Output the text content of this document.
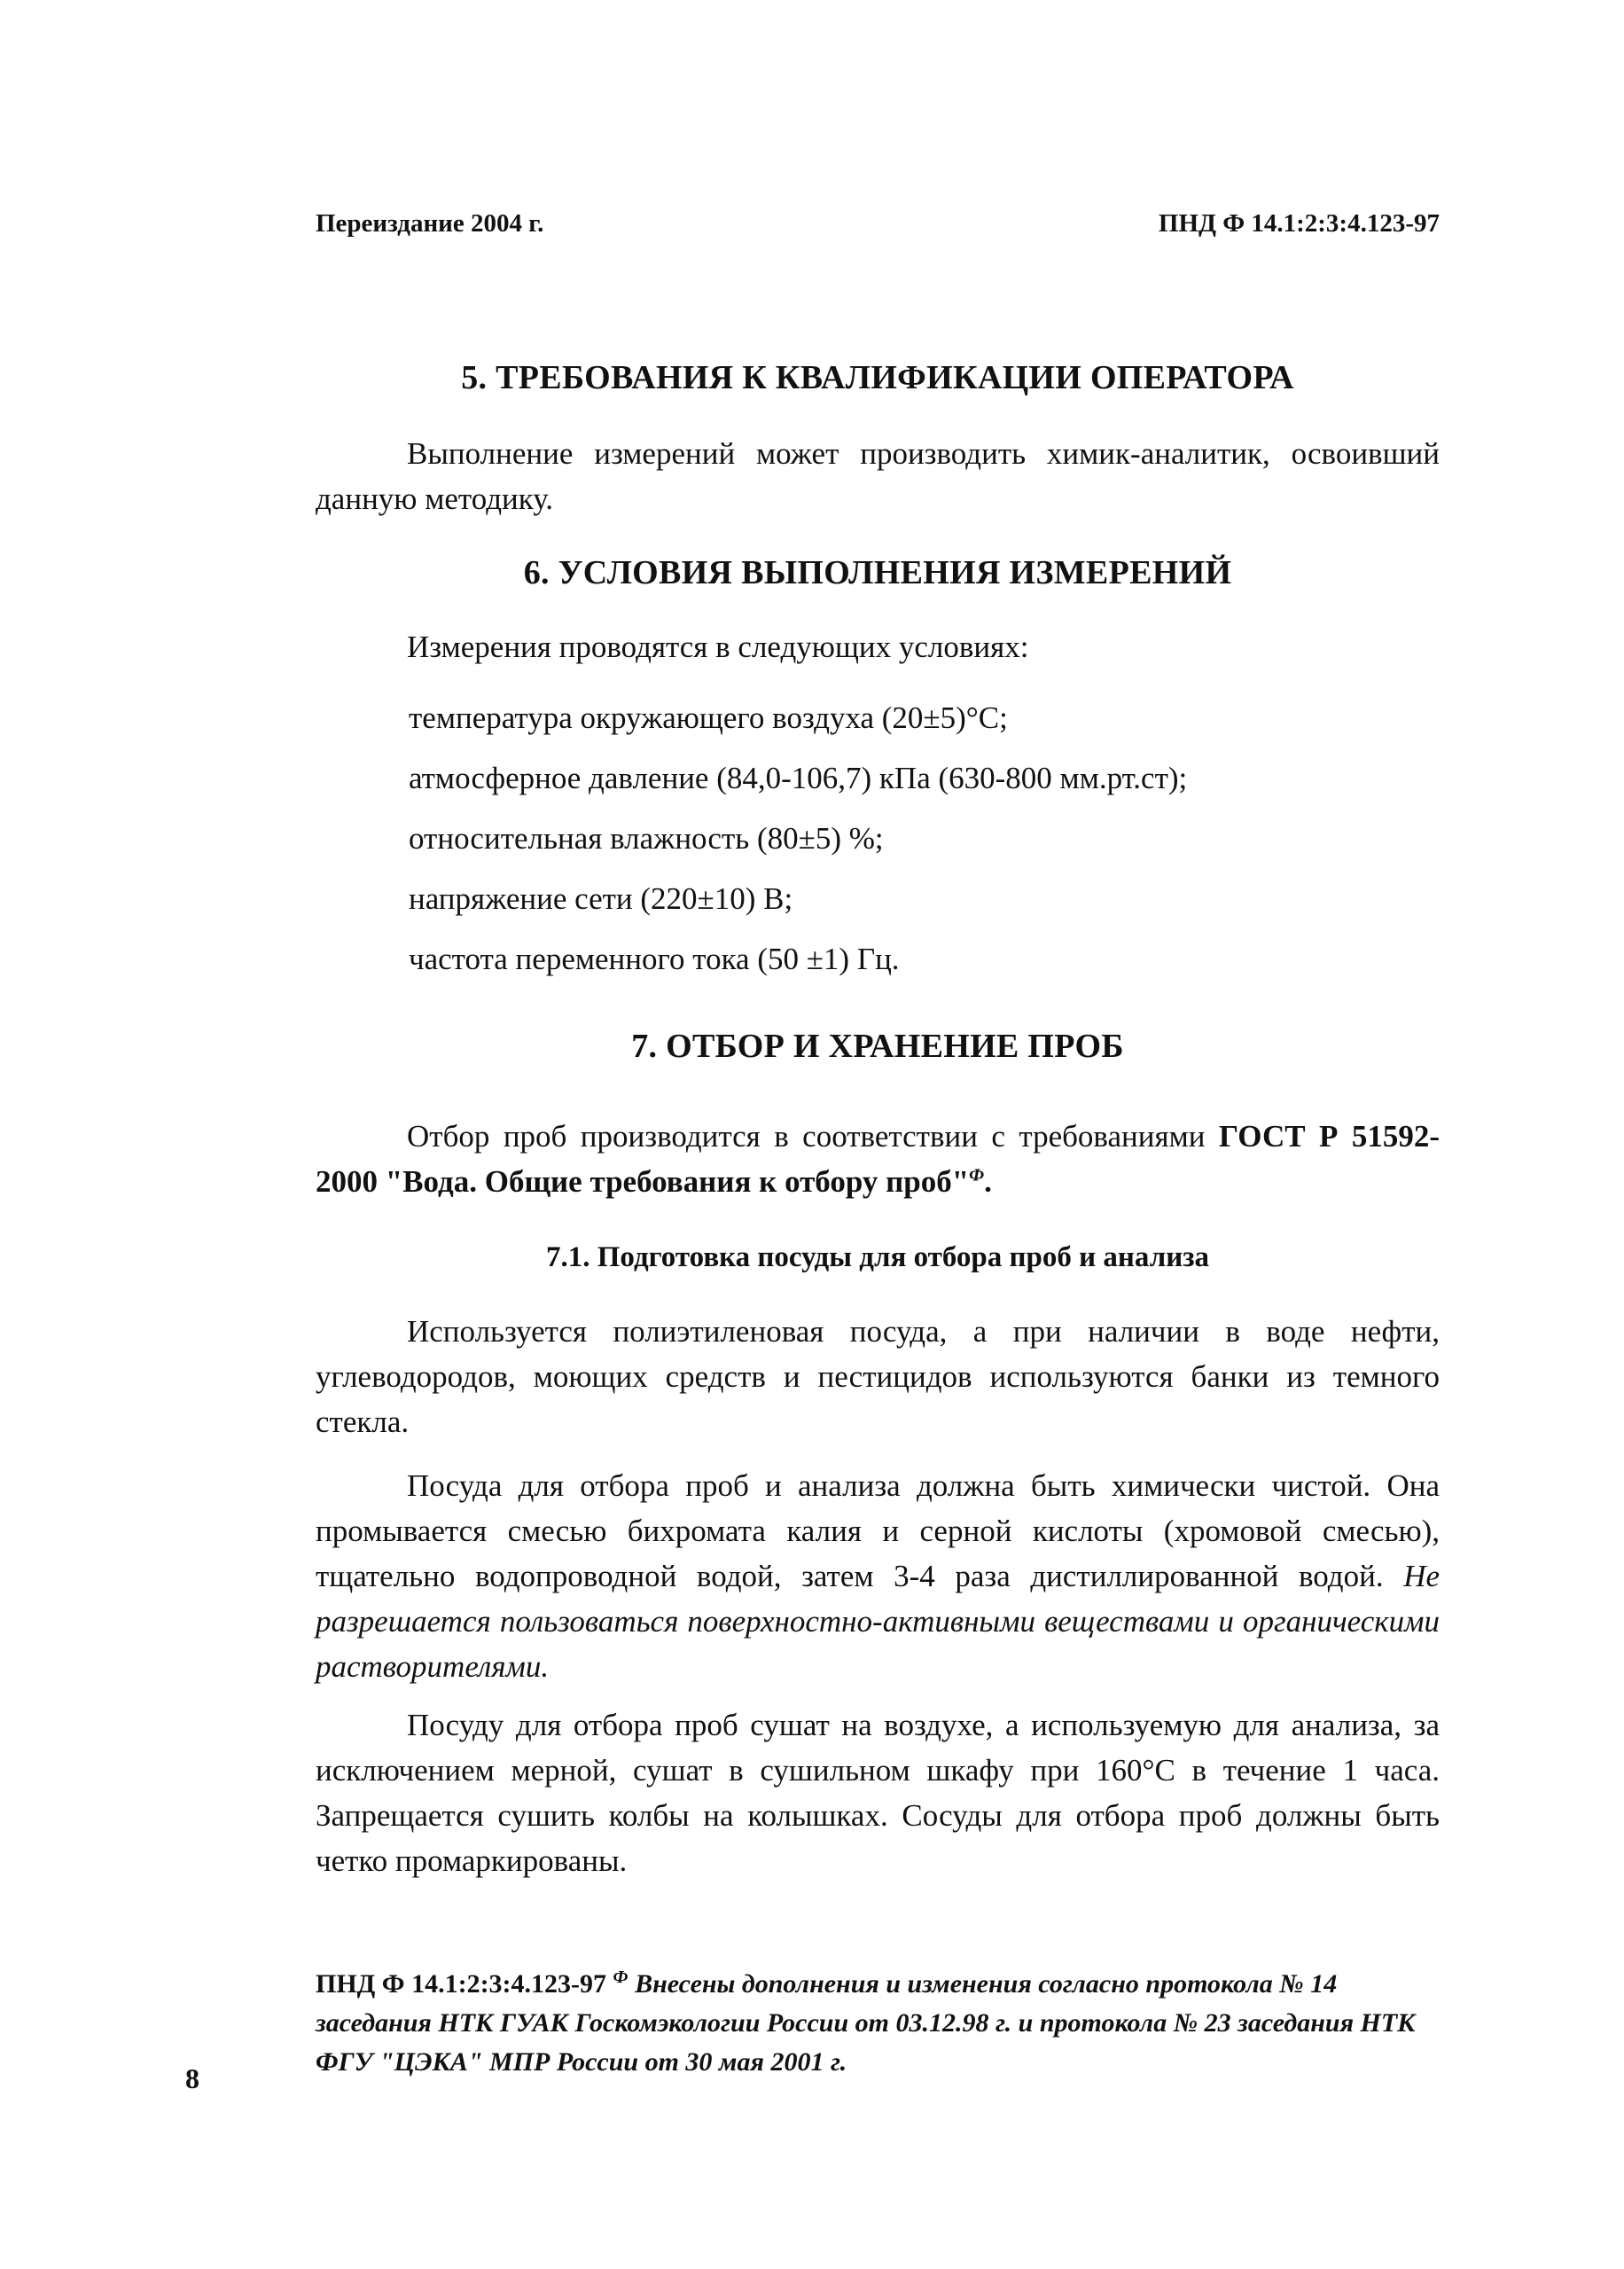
Переиздание 2004 г.	ПНД Ф 14.1:2:3:4.123-97
5. ТРЕБОВАНИЯ К КВАЛИФИКАЦИИ ОПЕРАТОРА
Выполнение измерений может производить химик-аналитик, освоивший данную методику.
6. УСЛОВИЯ ВЫПОЛНЕНИЯ ИЗМЕРЕНИЙ
Измерения проводятся в следующих условиях:
температура окружающего воздуха (20±5)°С;
атмосферное давление (84,0-106,7) кПа (630-800 мм.рт.ст);
относительная влажность (80±5) %;
напряжение сети (220±10) В;
частота переменного тока (50 ±1) Гц.
7. ОТБОР И ХРАНЕНИЕ ПРОБ
Отбор проб производится в соответствии с требованиями ГОСТ Р 51592-2000 "Вода. Общие требования к отбору проб"$^Ф$.
7.1. Подготовка посуды для отбора проб и анализа
Используется полиэтиленовая посуда, а при наличии в воде нефти, углеводородов, моющих средств и пестицидов используются банки из темного стекла.
Посуда для отбора проб и анализа должна быть химически чистой. Она промывается смесью бихромата калия и серной кислоты (хромовой смесью), тщательно водопроводной водой, затем 3-4 раза дистиллированной водой. Не разрешается пользоваться поверхностно-активными веществами и органическими растворителями.
Посуду для отбора проб сушат на воздухе, а используемую для анализа, за исключением мерной, сушат в сушильном шкафу при 160°С в течение 1 часа. Запрещается сушить колбы на колышках. Сосуды для отбора проб должны быть четко промаркированы.
ПНД Ф 14.1:2:3:4.123-97 $^Ф$ Внесены дополнения и изменения согласно протокола № 14 заседания НТК ГУАК Госкомэкологии России от 03.12.98 г. и протокола № 23 заседания НТК ФГУ "ЦЭКА" МПР России от 30 мая 2001 г.
8
